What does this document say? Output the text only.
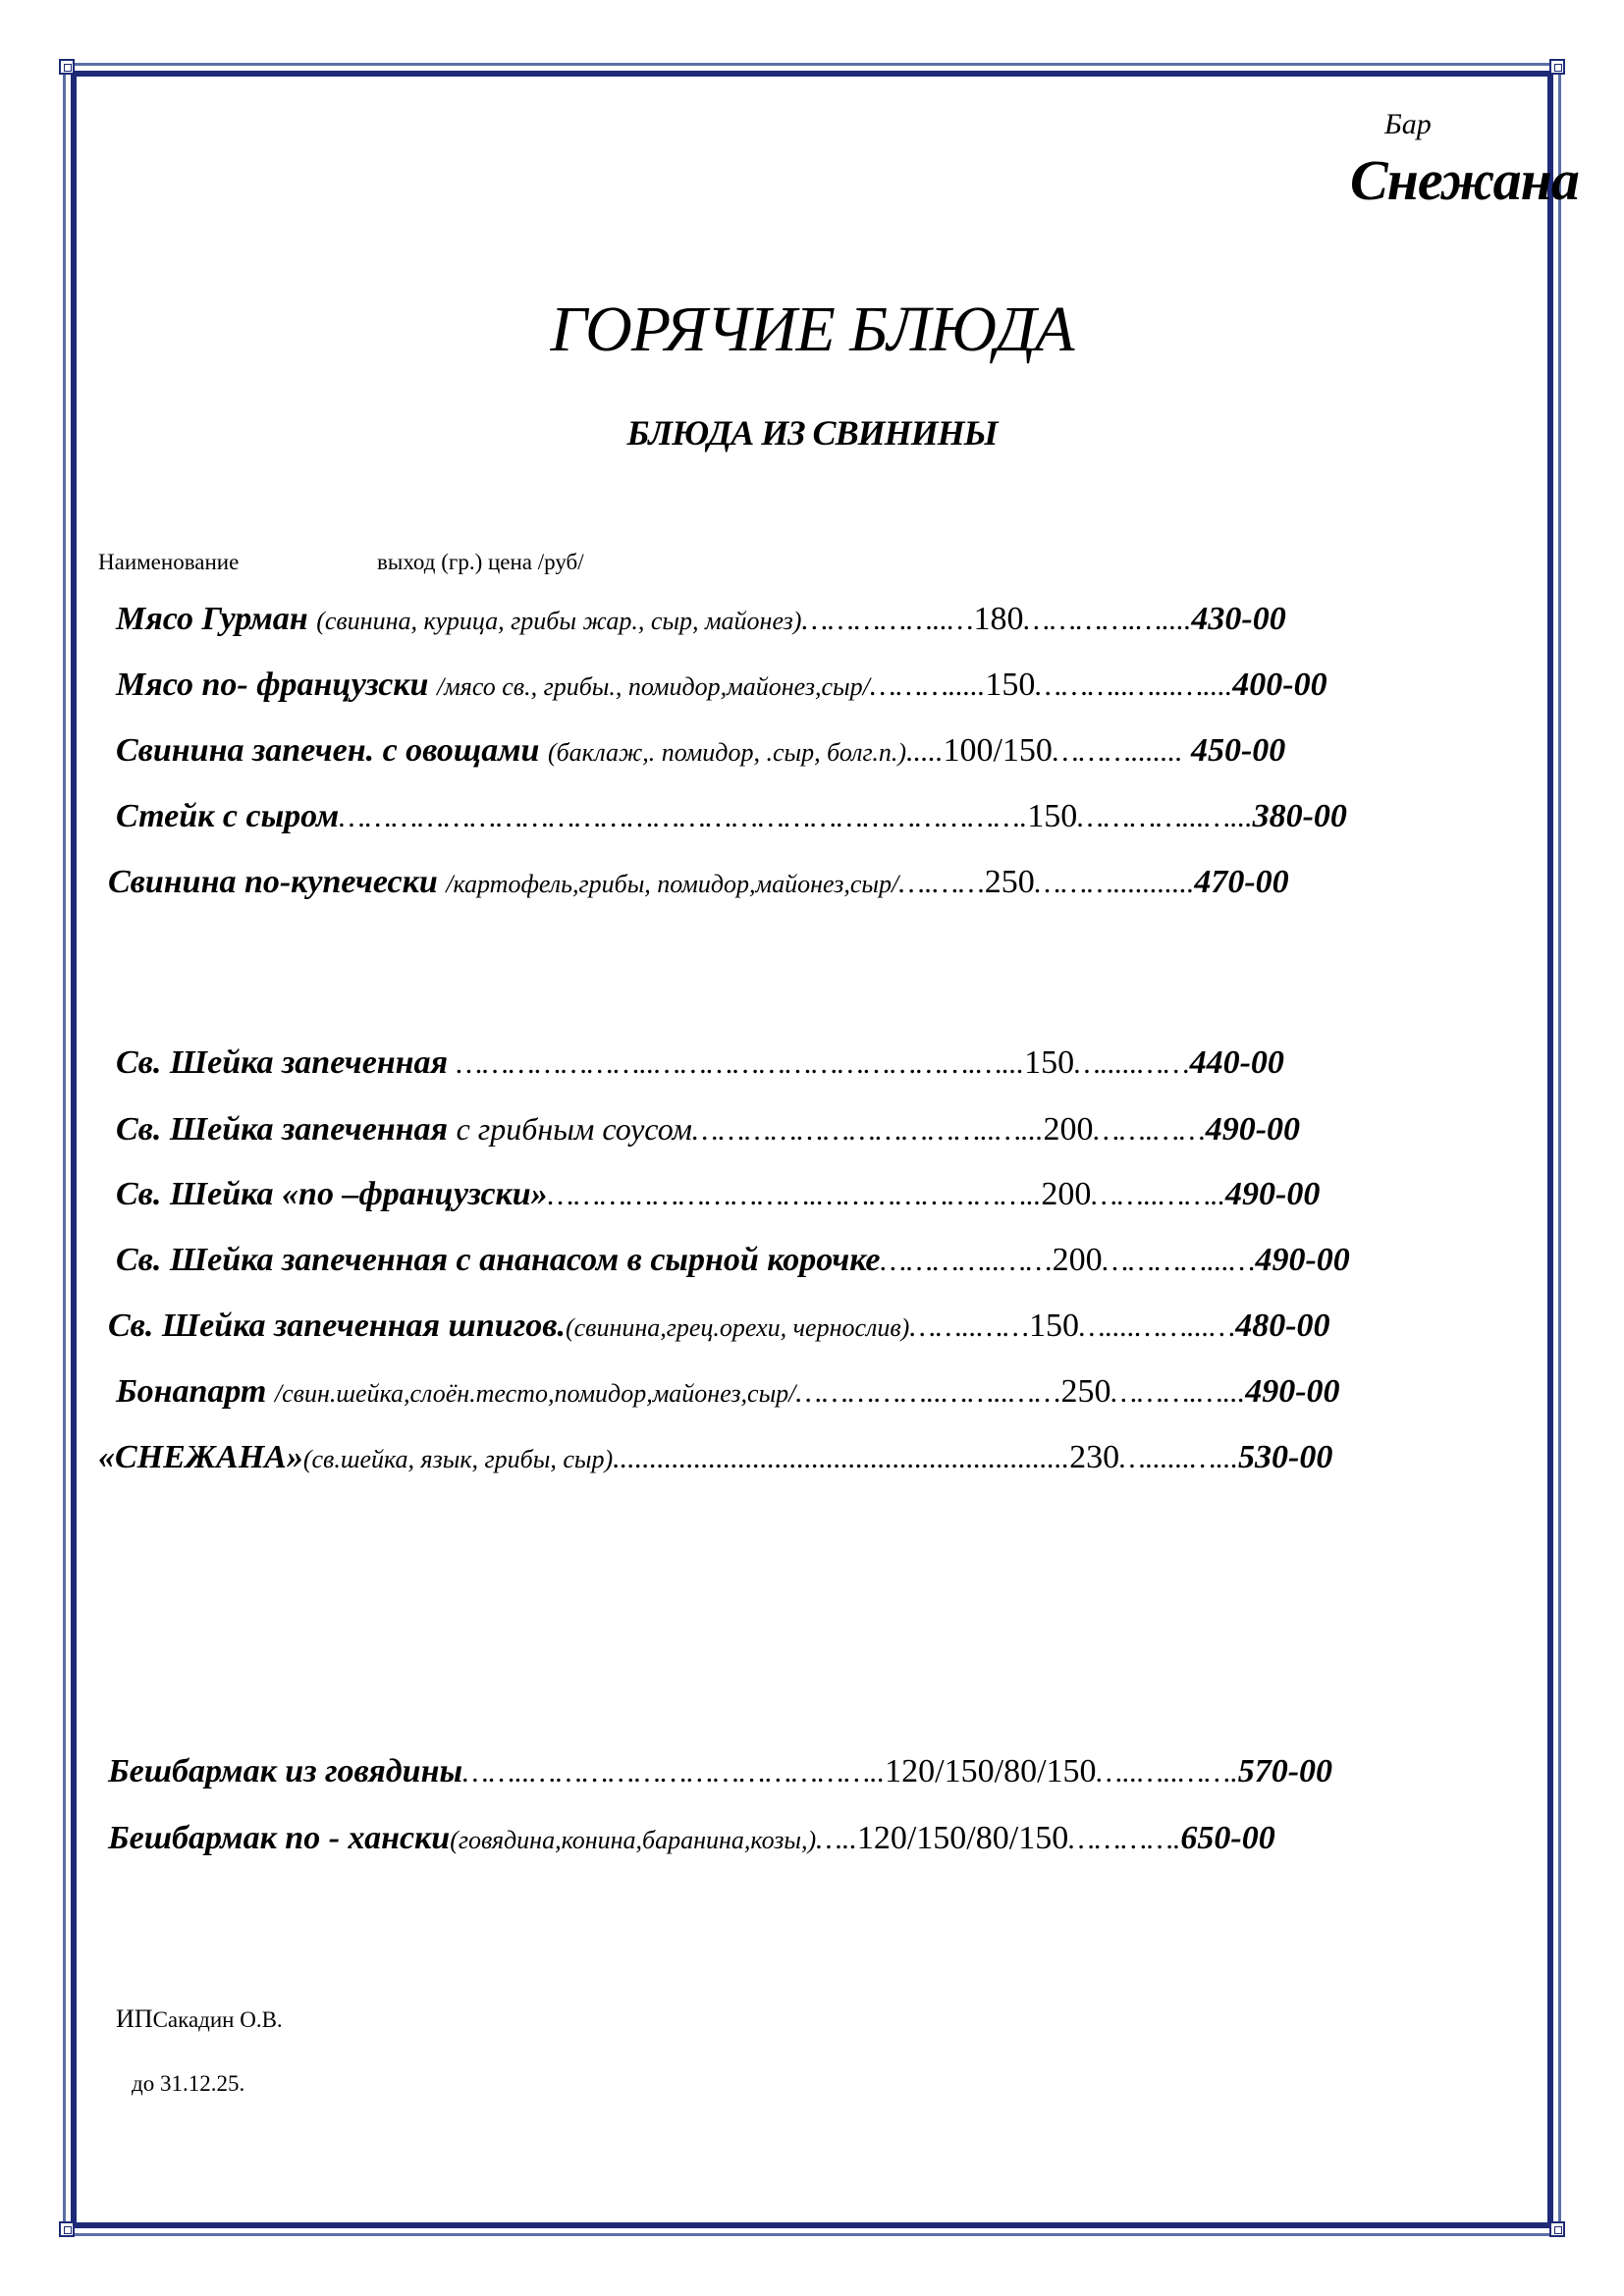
Бар
Снежана
ГОРЯЧИЕ БЛЮДА
БЛЮДА ИЗ СВИНИНЫ
Наименование	выход (гр.) цена /руб/
Мясо Гурман (свинина, курица, грибы жар., сыр, майонез)……………..…180………….…....430-00
Мясо по- французски /мясо св., грибы., помидор,майонез,сыр/……….....150………..…...…....400-00
Свинина запечен. с овощами (баклаж,. помидор, .сыр, болг.п.).....100/150………....... 450-00
Стейк с сыром…………………………………………………………………….150…………...…...380-00
Свинина по-купечески /картофель,грибы, помидор,майонез,сыр/….……250………...........470-00
Св. Шейка запеченная …………………..……………………………….…...150….....……440-00
Св. Шейка запеченная с грибным соусом……………………………..…...200…….……490-00
Св. Шейка «по –французски»………………………….……………………..200……..……..490-00
Св. Шейка запеченная с ананасом в сырной корочке…………..……200…………...…490-00
Св. Шейка запеченная шпигов.(свинина,грец.орехи, чернослив)……..……150…....……...…480-00
Бонапарт /свин.шейка,слоён.тесто,помидор,майонез,сыр/……………..……..……250……….…...490-00
«СНЕЖАНА»(св.шейка, язык, грибы, сыр)..............................................................230…......…...530-00
Бешбармак из говядины……..…………………………………..120/150/80/150…..…..…….570-00
Бешбармак по - хански(говядина,конина,баранина,козы,)…..120/150/80/150………….650-00
ИПСакадин О.В.
до 31.12.25.
